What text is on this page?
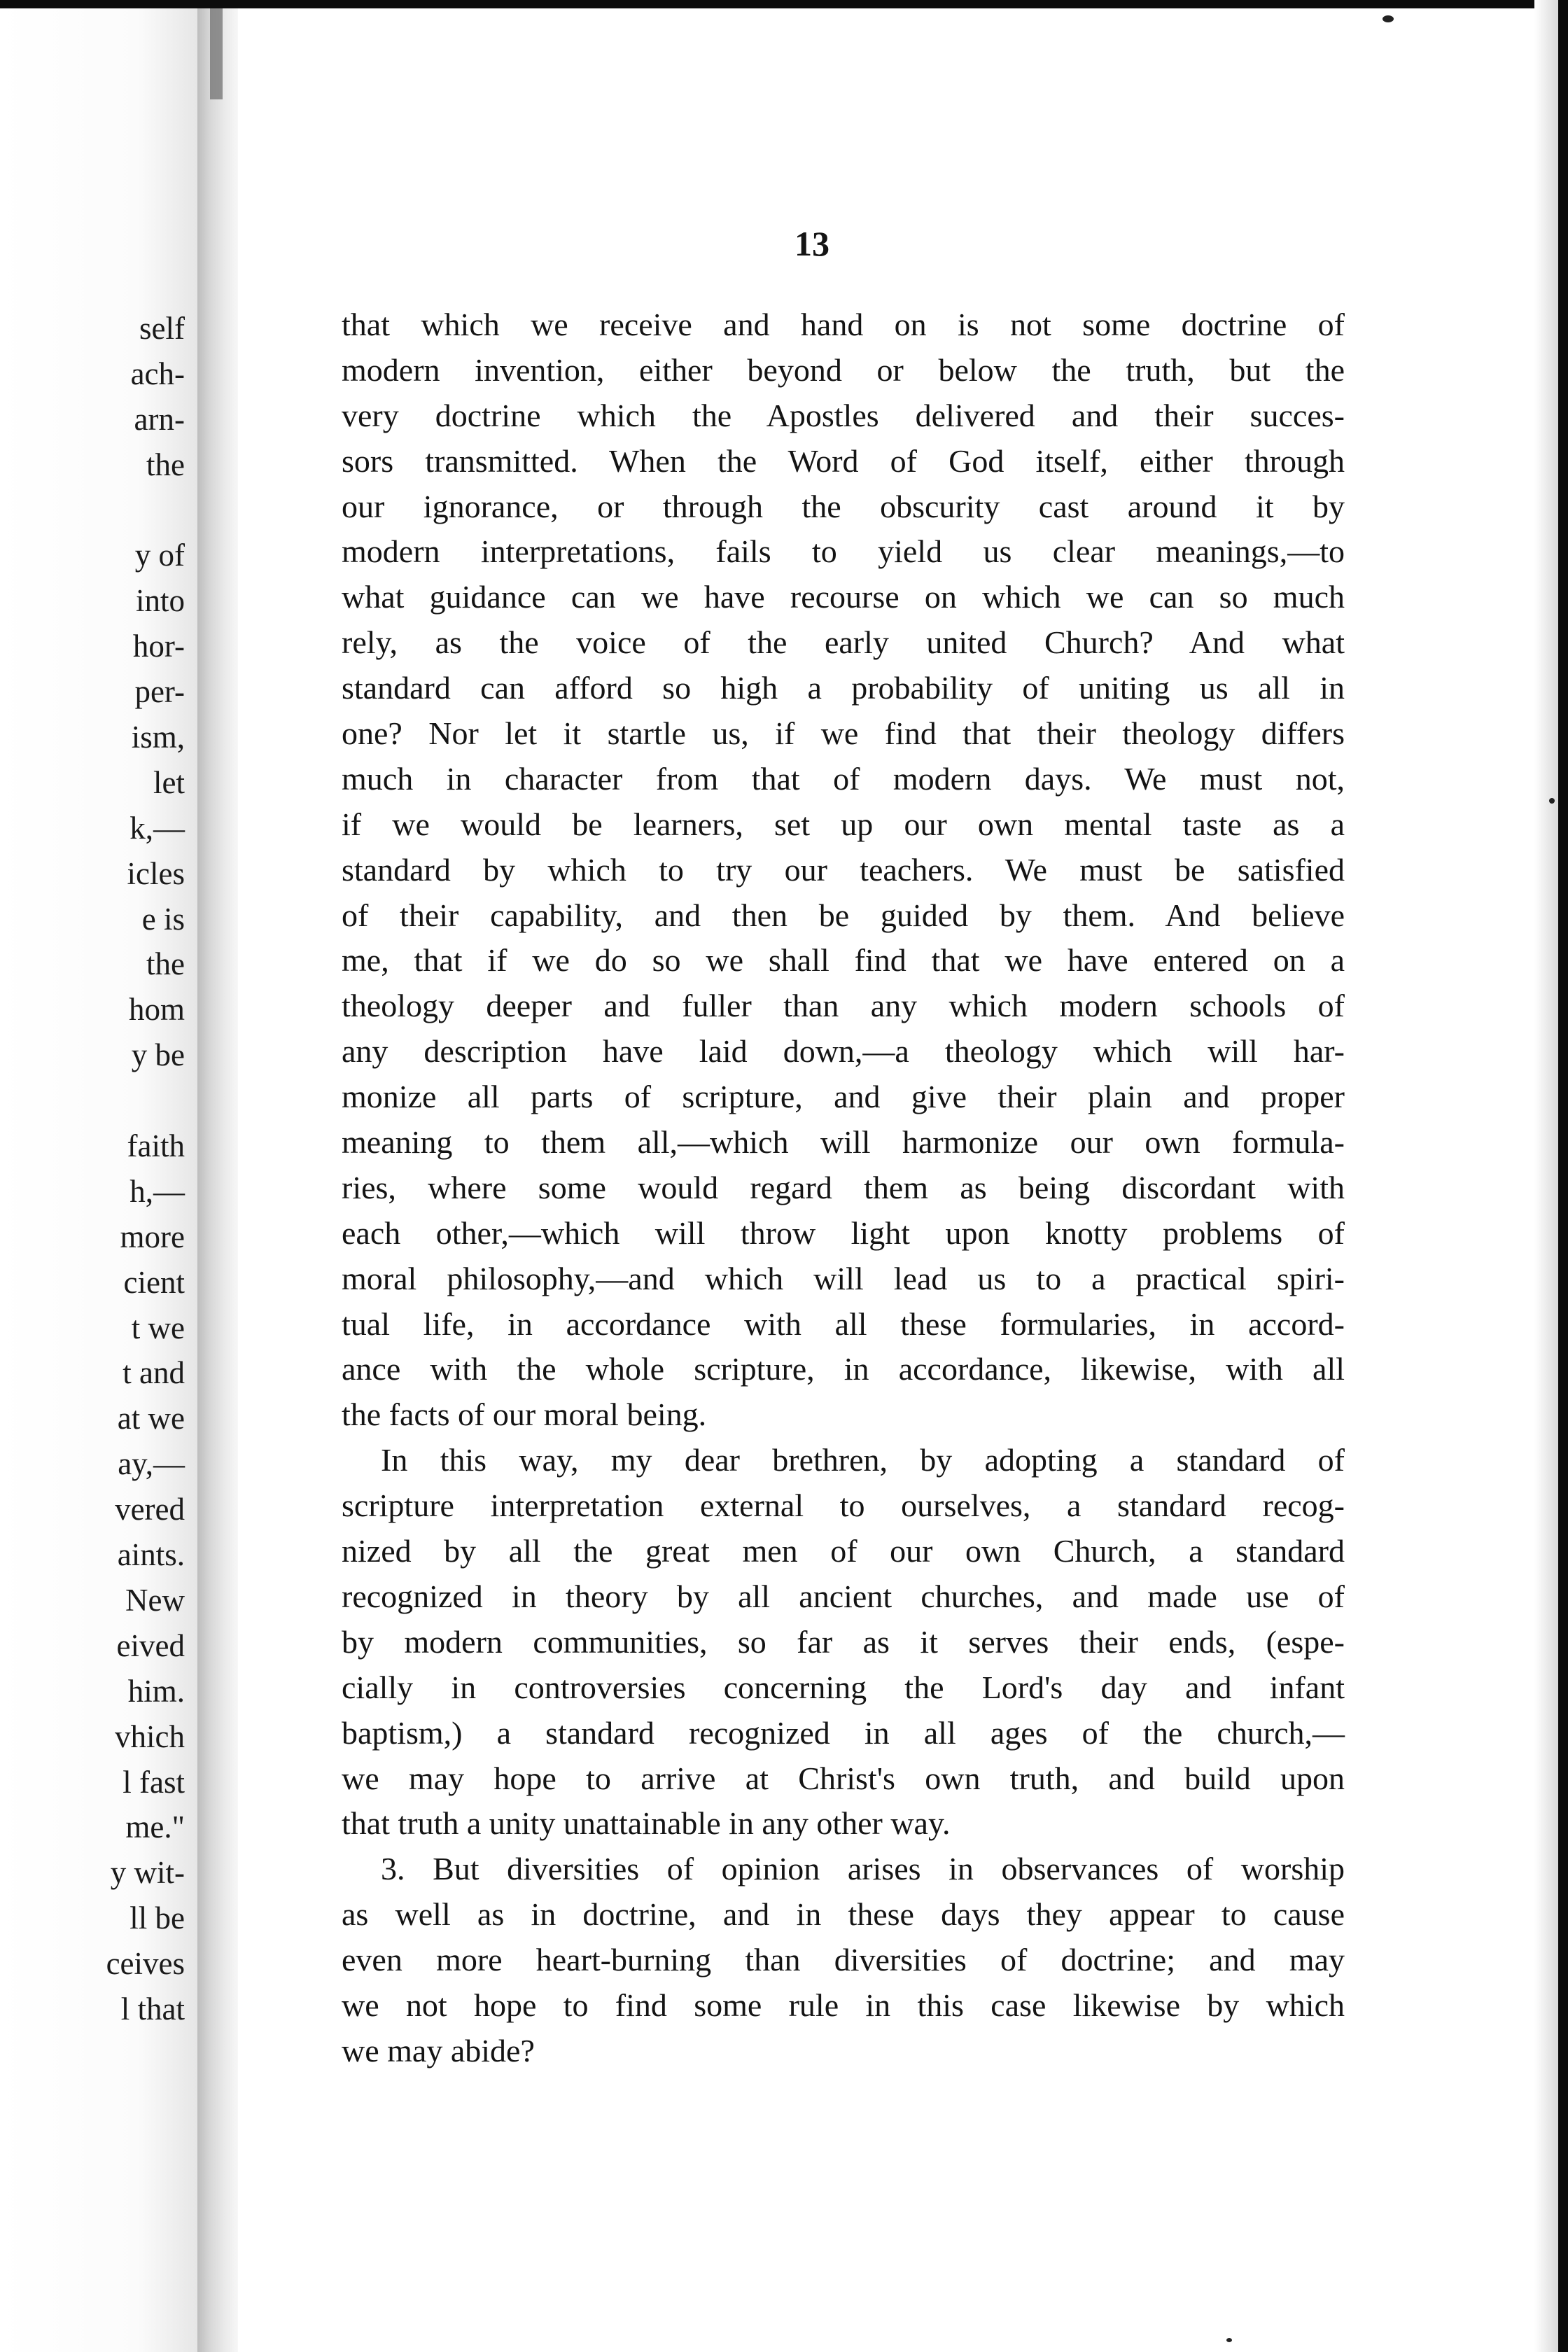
self
ach-
arn-
the
y of
into
hor-
per-
ism,
let
k,—
icles
e is
the
hom
y be
faith
h,—
more
cient
t we
t and
at we
ay,—
vered
aints.
New
eived
him.
vhich
l fast
me."
y wit-
ll be
ceives
l that
13
that which we receive and hand on is not some doctrine of
modern invention, either beyond or below the truth, but the
very doctrine which the Apostles delivered and their succes-
sors transmitted. When the Word of God itself, either through
our ignorance, or through the obscurity cast around it by
modern interpretations, fails to yield us clear meanings,—to
what guidance can we have recourse on which we can so much
rely, as the voice of the early united Church? And what
standard can afford so high a probability of uniting us all in
one? Nor let it startle us, if we find that their theology differs
much in character from that of modern days. We must not,
if we would be learners, set up our own mental taste as a
standard by which to try our teachers. We must be satisfied
of their capability, and then be guided by them. And believe
me, that if we do so we shall find that we have entered on a
theology deeper and fuller than any which modern schools of
any description have laid down,—a theology which will har-
monize all parts of scripture, and give their plain and proper
meaning to them all,—which will harmonize our own formula-
ries, where some would regard them as being discordant with
each other,—which will throw light upon knotty problems of
moral philosophy,—and which will lead us to a practical spiri-
tual life, in accordance with all these formularies, in accord-
ance with the whole scripture, in accordance, likewise, with all
the facts of our moral being.
In this way, my dear brethren, by adopting a standard of
scripture interpretation external to ourselves, a standard recog-
nized by all the great men of our own Church, a standard
recognized in theory by all ancient churches, and made use of
by modern communities, so far as it serves their ends, (espe-
cially in controversies concerning the Lord's day and infant
baptism,) a standard recognized in all ages of the church,—
we may hope to arrive at Christ's own truth, and build upon
that truth a unity unattainable in any other way.
3. But diversities of opinion arises in observances of worship
as well as in doctrine, and in these days they appear to cause
even more heart-burning than diversities of doctrine; and may
we not hope to find some rule in this case likewise by which
we may abide?
